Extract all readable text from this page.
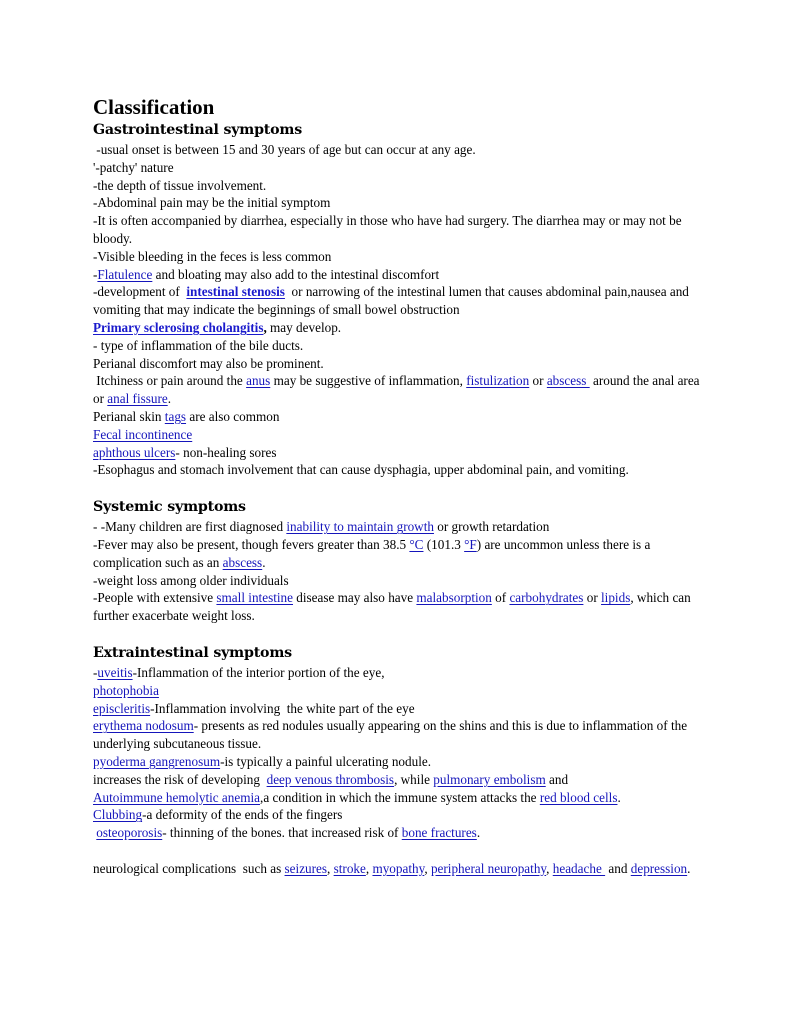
Classification
Gastrointestinal symptoms
-usual onset is between 15 and 30 years of age but can occur at any age.
'-patchy' nature
-the depth of tissue involvement.
-Abdominal pain may be the initial symptom
-It is often accompanied by diarrhea, especially in those who have had surgery. The diarrhea may or may not be bloody.
-Visible bleeding in the feces is less common
-Flatulence and bloating may also add to the intestinal discomfort
-development of  intestinal stenosis  or narrowing of the intestinal lumen that causes abdominal pain,nausea and vomiting that may indicate the beginnings of small bowel obstruction
Primary sclerosing cholangitis, may develop.
- type of inflammation of the bile ducts.
Perianal discomfort may also be prominent.
Itchiness or pain around the anus may be suggestive of inflammation, fistulization or abscess  around the anal area or anal fissure.
Perianal skin tags are also common
Fecal incontinence
aphthous ulcers- non-healing sores
-Esophagus and stomach involvement that can cause dysphagia, upper abdominal pain, and vomiting.
Systemic symptoms
- -Many children are first diagnosed inability to maintain growth or growth retardation
-Fever may also be present, though fevers greater than 38.5 °C (101.3 °F) are uncommon unless there is a complication such as an abscess.
-weight loss among older individuals
-People with extensive small intestine disease may also have malabsorption of carbohydrates or lipids, which can further exacerbate weight loss.
Extraintestinal symptoms
-uveitis-Inflammation of the interior portion of the eye,
photophobia
episcleritis-Inflammation involving  the white part of the eye
erythema nodosum- presents as red nodules usually appearing on the shins and this is due to inflammation of the underlying subcutaneous tissue.
pyoderma gangrenosum-is typically a painful ulcerating nodule.
increases the risk of developing  deep venous thrombosis, while pulmonary embolism and
Autoimmune hemolytic anemia,a condition in which the immune system attacks the red blood cells.
Clubbing-a deformity of the ends of the fingers
osteoporosis- thinning of the bones. that increased risk of bone fractures.
neurological complications  such as seizures, stroke, myopathy, peripheral neuropathy, headache  and depression.
